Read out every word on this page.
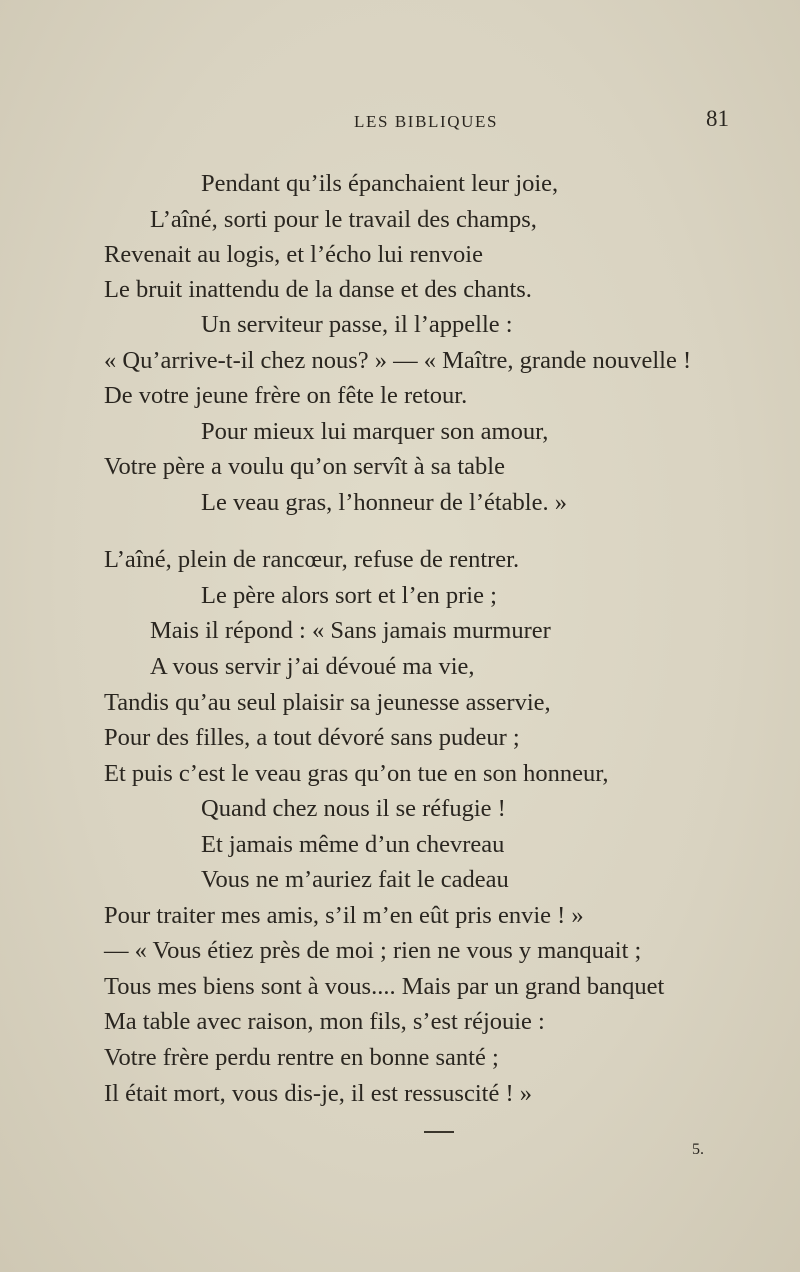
LES BIBLIQUES	81
Pendant qu’ils épanchaient leur joie,
L’aîné, sorti pour le travail des champs,
Revenait au logis, et l’écho lui renvoie
Le bruit inattendu de la danse et des chants.
Un serviteur passe, il l’appelle :
« Qu’arrive-t-il chez nous? » — « Maître, grande nouvelle !
De votre jeune frère on fête le retour.
Pour mieux lui marquer son amour,
Votre père a voulu qu’on servît à sa table
Le veau gras, l’honneur de l’étable. »
L’aîné, plein de rancœur, refuse de rentrer.
Le père alors sort et l’en prie ;
Mais il répond : « Sans jamais murmurer
A vous servir j’ai dévoué ma vie,
Tandis qu’au seul plaisir sa jeunesse asservie,
Pour des filles, a tout dévoré sans pudeur ;
Et puis c’est le veau gras qu’on tue en son honneur,
Quand chez nous il se réfugie !
Et jamais même d’un chevreau
Vous ne m’auriez fait le cadeau
Pour traiter mes amis, s’il m’en eût pris envie ! »
— « Vous étiez près de moi ; rien ne vous y manquait ;
Tous mes biens sont à vous.... Mais par un grand banquet
Ma table avec raison, mon fils, s’est réjouie :
Votre frère perdu rentre en bonne santé ;
Il était mort, vous dis-je, il est ressuscité ! »
5.
